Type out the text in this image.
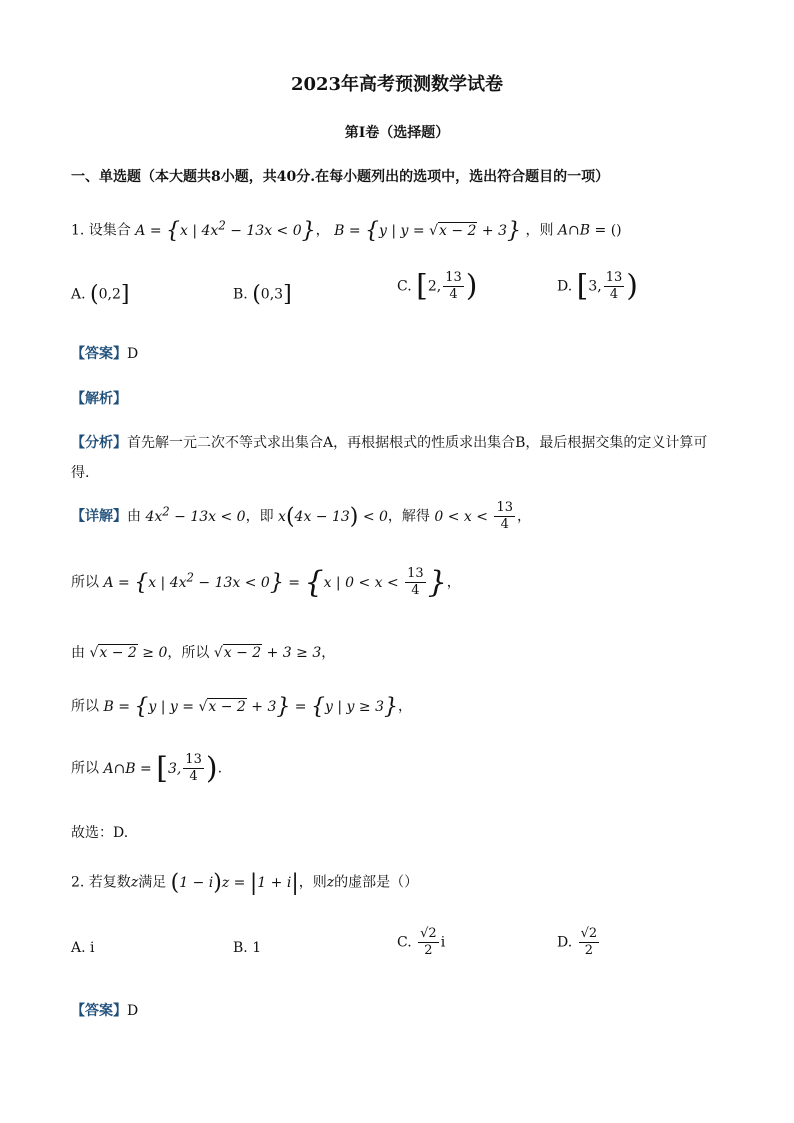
2023年高考预测数学试卷
第I卷（选择题）
一、单选题（本大题共8小题，共40分.在每小题列出的选项中，选出符合题目的一项）
1. 设集合 A = {x | $4x^2 - 13x < 0$}， B = {y | y = √x − 2 + 3} ，则 A∩B = ()
A. (0,2]	B. (0,3]	C. [2, $\frac{13}{4}$ )	D. [3, $\frac{13}{4}$ )
【答案】D
【解析】
【分析】首先解一元二次不等式求出集合A，再根据根式的性质求出集合B，最后根据交集的定义计算可
得.
【详解】由 $4x^2 - 13x < 0$，即 x(4x − 13) < 0，解得 $0 < x < \frac{13}{4}$ ，
所以 A = {x | $4x^2 - 13x < 0\} = \{x$ | $0 < x < \frac{13}{4}$ }，
由 √x − 2 ≥ 0，所以 √x − 2 + 3 ≥ 3，
所以 B = {y | y = √x − 2 + 3} = {y | y ≥ 3}，
所以 A∩B = [3, $\frac{13}{4}$ ).
故选：D.
2. 若复数z满足 (1 − i)z = |1 + i|，则z的虚部是（）
A. i	B. 1	C. $\frac{√2}{2}$ i	D. $\frac{√2}{2}$
【答案】D
